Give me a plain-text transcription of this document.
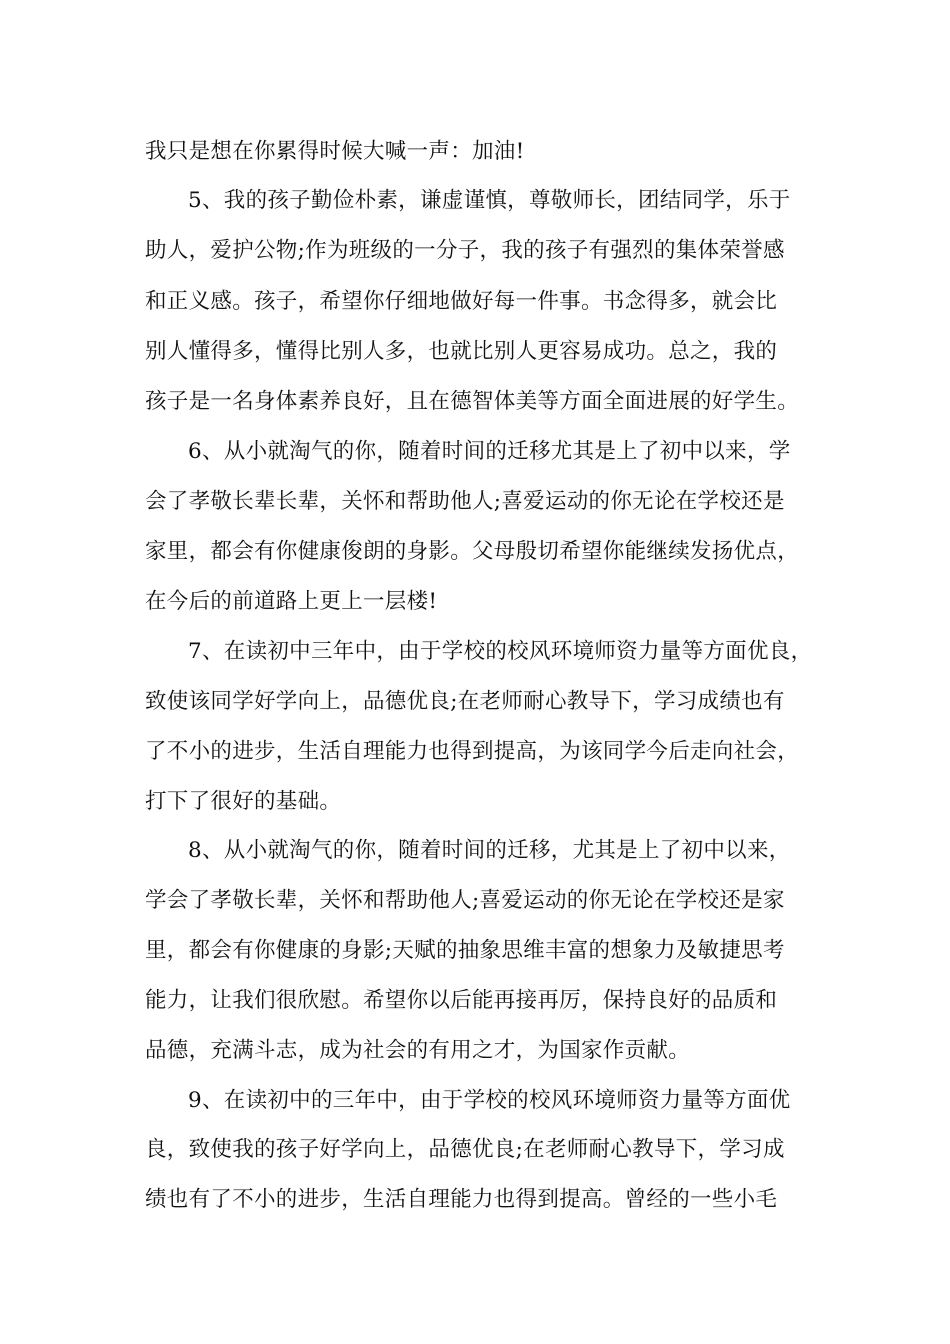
我只是想在你累得时候大喊一声：加油!
5、我的孩子勤俭朴素，谦虚谨慎，尊敬师长，团结同学，乐于
助人，爱护公物;作为班级的一分子，我的孩子有强烈的集体荣誉感
和正义感。孩子，希望你仔细地做好每一件事。书念得多，就会比
别人懂得多，懂得比别人多，也就比别人更容易成功。总之，我的
孩子是一名身体素养良好，且在德智体美等方面全面进展的好学生。
6、从小就淘气的你，随着时间的迁移尤其是上了初中以来，学
会了孝敬长辈长辈，关怀和帮助他人;喜爱运动的你无论在学校还是
家里，都会有你健康俊朗的身影。父母殷切希望你能继续发扬优点，
在今后的前道路上更上一层楼!
7、在读初中三年中，由于学校的校风环境师资力量等方面优良，
致使该同学好学向上，品德优良;在老师耐心教导下，学习成绩也有
了不小的进步，生活自理能力也得到提高，为该同学今后走向社会，
打下了很好的基础。
8、从小就淘气的你，随着时间的迁移，尤其是上了初中以来，
学会了孝敬长辈，关怀和帮助他人;喜爱运动的你无论在学校还是家
里，都会有你健康的身影;天赋的抽象思维丰富的想象力及敏捷思考
能力，让我们很欣慰。希望你以后能再接再厉，保持良好的品质和
品德，充满斗志，成为社会的有用之才，为国家作贡献。
9、在读初中的三年中，由于学校的校风环境师资力量等方面优
良，致使我的孩子好学向上，品德优良;在老师耐心教导下，学习成
绩也有了不小的进步，生活自理能力也得到提高。曾经的一些小毛
